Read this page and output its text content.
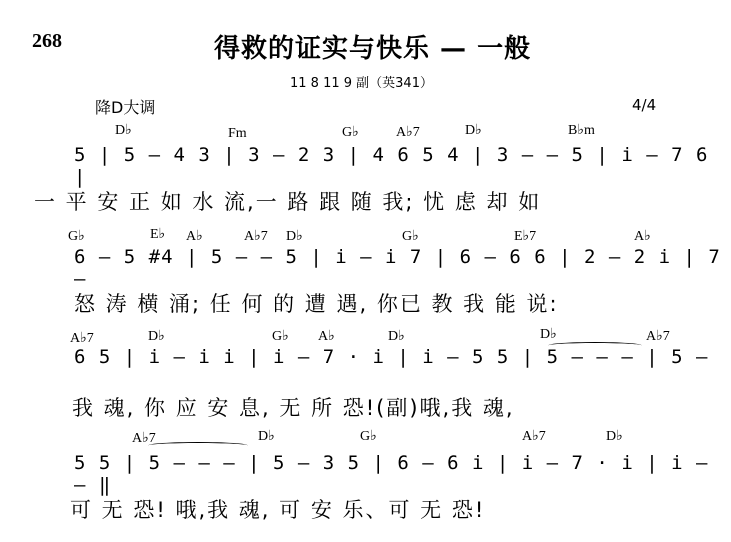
268	得救的证实与快乐 — 一般
11 8 11 9 副（英341）
降D大调	4/4
D♭	Fm	G♭	A♭7	D♭	B♭m
5 | 5 — 4 3 | 3 — 2 3 | 4 6 5 4 | 3 — — 5 | i — 7 6 |
一 平 安 正 如 水 流,一 路 跟 随 我; 忧 虑 却 如
G♭	E♭ A♭	A♭7 D♭	G♭	E♭7	A♭
6 — 5 #4 | 5 — — 5 | i — i 7 | 6 — 6 6 | 2 — 2 i | 7 —
怒 涛 横 涌; 任 何 的 遭 遇, 你已 教 我 能 说:
A♭7	D♭	G♭ A♭	D♭	D♭	A♭7
6 5 | i — i i | i — 7 · i | i — 5 5 | 5 — — — | 5 —
我 魂, 你 应 安 息, 无 所 恐!(副)哦,我 魂,
A♭7	D♭	G♭	A♭7	D♭
5 5 | 5 — — — | 5 — 3 5 | 6 — 6 i | i — 7 · i | i — — ‖
可 无 恐! 哦,我 魂, 可 安 乐、可 无 恐!
